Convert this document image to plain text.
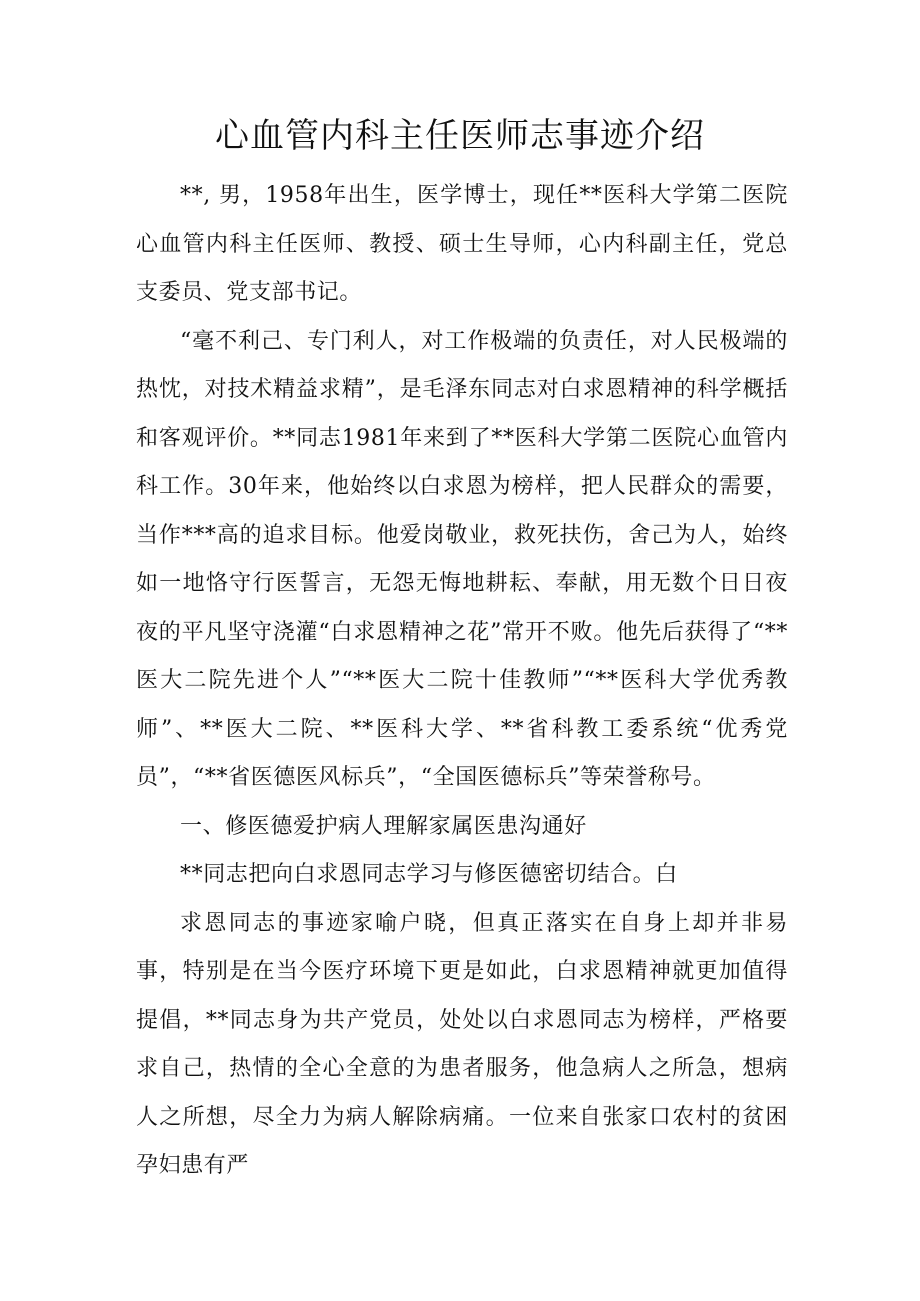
心血管内科主任医师志事迹介绍

**, 男，1958年出生，医学博士，现任**医科大学第二医院心血管内科主任医师、教授、硕士生导师，心内科副主任，党总支委员、党支部书记。

“毫不利己、专门利人，对工作极端的负责任，对人民极端的热忱，对技术精益求精”，是毛泽东同志对白求恩精神的科学概括和客观评价。**同志1981年来到了**医科大学第二医院心血管内科工作。30年来，他始终以白求恩为榜样，把人民群众的需要，当作***高的追求目标。他爱岗敬业，救死扶伤，舍己为人，始终如一地恪守行医誓言，无怨无悔地耕耘、奉献，用无数个日日夜夜的平凡坚守浇灌“白求恩精神之花”常开不败。他先后获得了“**医大二院先进个人”“**医大二院十佳教师”“**医科大学优秀教师”、**医大二院、**医科大学、**省科教工委系统“优秀党员”，“**省医德医风标兵”，“全国医德标兵”等荣誉称号。

一、修医德爱护病人理解家属医患沟通好

**同志把向白求恩同志学习与修医德密切结合。白

求恩同志的事迹家喻户晓，但真正落实在自身上却并非易事，特别是在当今医疗环境下更是如此，白求恩精神就更加值得提倡，**同志身为共产党员，处处以白求恩同志为榜样，严格要求自己，热情的全心全意的为患者服务，他急病人之所急，想病人之所想，尽全力为病人解除病痛。一位来自张家口农村的贫困孕妇患有严
